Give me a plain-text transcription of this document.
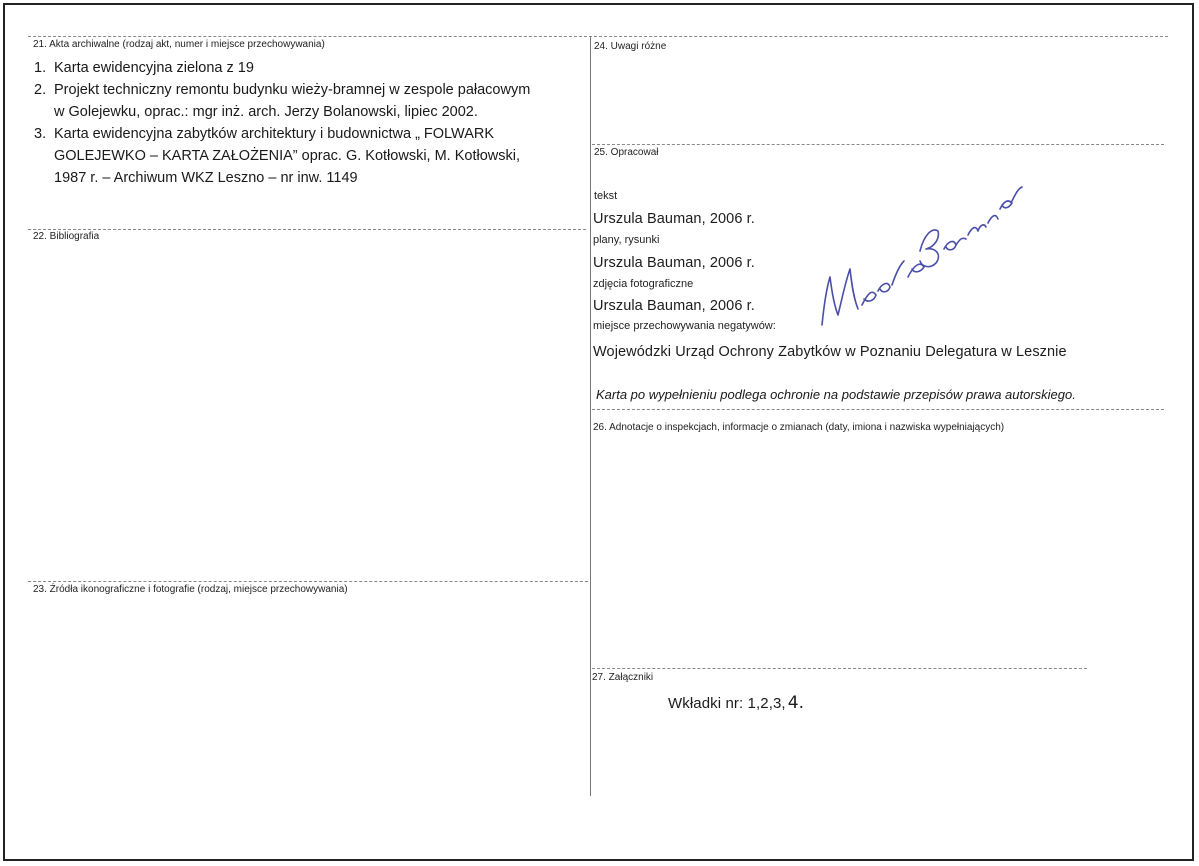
21. Akta archiwalne (rodzaj akt, numer i miejsce przechowywania)
1. Karta ewidencyjna zielona z 19
2. Projekt techniczny remontu budynku wieży-bramnej w zespole pałacowym
w Golejewku, oprac.: mgr inż. arch. Jerzy Bolanowski, lipiec 2002.
3. Karta ewidencyjna zabytków architektury i budownictwa „ FOLWARK
GOLEJEWKO – KARTA ZAŁOŻENIA” oprac. G. Kotłowski, M. Kotłowski,
1987 r. – Archiwum WKZ Leszno – nr inw. 1149
22. Bibliografia
23. Źródła ikonograficzne i fotografie (rodzaj, miejsce przechowywania)
24. Uwagi różne
25. Opracował
tekst
Urszula Bauman, 2006 r.
plany, rysunki
Urszula Bauman, 2006 r.
zdjęcia fotograficzne
Urszula Bauman, 2006 r.
miejsce przechowywania negatywów:
Wojewódzki Urząd Ochrony Zabytków w Poznaniu Delegatura w Lesznie
Karta po wypełnieniu podlega ochronie na podstawie przepisów prawa autorskiego.
26. Adnotacje o inspekcjach, informacje o zmianach (daty, imiona i nazwiska wypełniających)
27. Załączniki
Wkładki nr: 1,2,3, 4.
